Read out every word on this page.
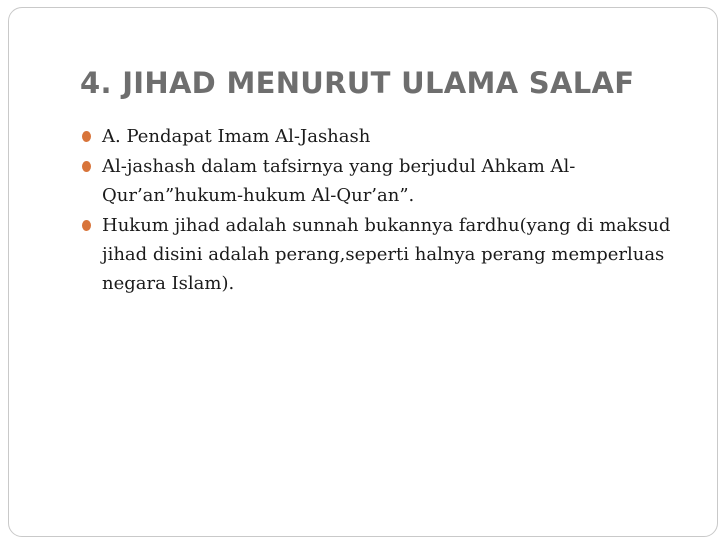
4. JIHAD MENURUT ULAMA SALAF
A. Pendapat Imam Al-Jashash
Al-jashash dalam tafsirnya yang berjudul Ahkam Al-Qur’an”hukum-hukum Al-Qur’an”.
Hukum jihad adalah sunnah bukannya fardhu(yang di maksud jihad disini adalah perang,seperti halnya perang memperluas negara Islam).
